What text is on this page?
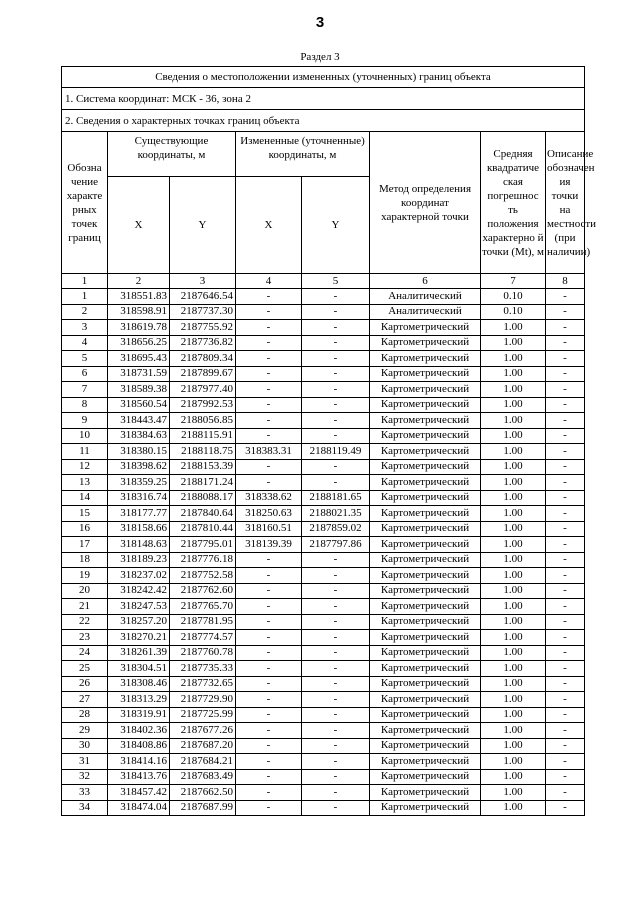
3
Раздел 3
Сведения о местоположении измененных (уточненных) границ объекта							
1. Система координат: МСК - 36, зона 2							
2. Сведения о характерных точках границ объекта							
Обозна чение характе рных точек границ	Существующие координаты, м		Измененные (уточненные) координаты, м		Метод определения координат характерной точки	Средняя квадратиче ская погрешнос ть положения характерно й точки (Mt), м	Описание обозначен ия точки на местности (при наличии)
	X	Y	X	Y			
1	2	3	4	5	6	7	8
1	318551.83	2187646.54	-	-	Аналитический	0.10	-
2	318598.91	2187737.30	-	-	Аналитический	0.10	-
3	318619.78	2187755.92	-	-	Картометрический	1.00	-
4	318656.25	2187736.82	-	-	Картометрический	1.00	-
5	318695.43	2187809.34	-	-	Картометрический	1.00	-
6	318731.59	2187899.67	-	-	Картометрический	1.00	-
7	318589.38	2187977.40	-	-	Картометрический	1.00	-
8	318560.54	2187992.53	-	-	Картометрический	1.00	-
9	318443.47	2188056.85	-	-	Картометрический	1.00	-
10	318384.63	2188115.91	-	-	Картометрический	1.00	-
11	318380.15	2188118.75	318383.31	2188119.49	Картометрический	1.00	-
12	318398.62	2188153.39	-	-	Картометрический	1.00	-
13	318359.25	2188171.24	-	-	Картометрический	1.00	-
14	318316.74	2188088.17	318338.62	2188181.65	Картометрический	1.00	-
15	318177.77	2187840.64	318250.63	2188021.35	Картометрический	1.00	-
16	318158.66	2187810.44	318160.51	2187859.02	Картометрический	1.00	-
17	318148.63	2187795.01	318139.39	2187797.86	Картометрический	1.00	-
18	318189.23	2187776.18	-	-	Картометрический	1.00	-
19	318237.02	2187752.58	-	-	Картометрический	1.00	-
20	318242.42	2187762.60	-	-	Картометрический	1.00	-
21	318247.53	2187765.70	-	-	Картометрический	1.00	-
22	318257.20	2187781.95	-	-	Картометрический	1.00	-
23	318270.21	2187774.57	-	-	Картометрический	1.00	-
24	318261.39	2187760.78	-	-	Картометрический	1.00	-
25	318304.51	2187735.33	-	-	Картометрический	1.00	-
26	318308.46	2187732.65	-	-	Картометрический	1.00	-
27	318313.29	2187729.90	-	-	Картометрический	1.00	-
28	318319.91	2187725.99	-	-	Картометрический	1.00	-
29	318402.36	2187677.26	-	-	Картометрический	1.00	-
30	318408.86	2187687.20	-	-	Картометрический	1.00	-
31	318414.16	2187684.21	-	-	Картометрический	1.00	-
32	318413.76	2187683.49	-	-	Картометрический	1.00	-
33	318457.42	2187662.50	-	-	Картометрический	1.00	-
34	318474.04	2187687.99	-	-	Картометрический	1.00	-
